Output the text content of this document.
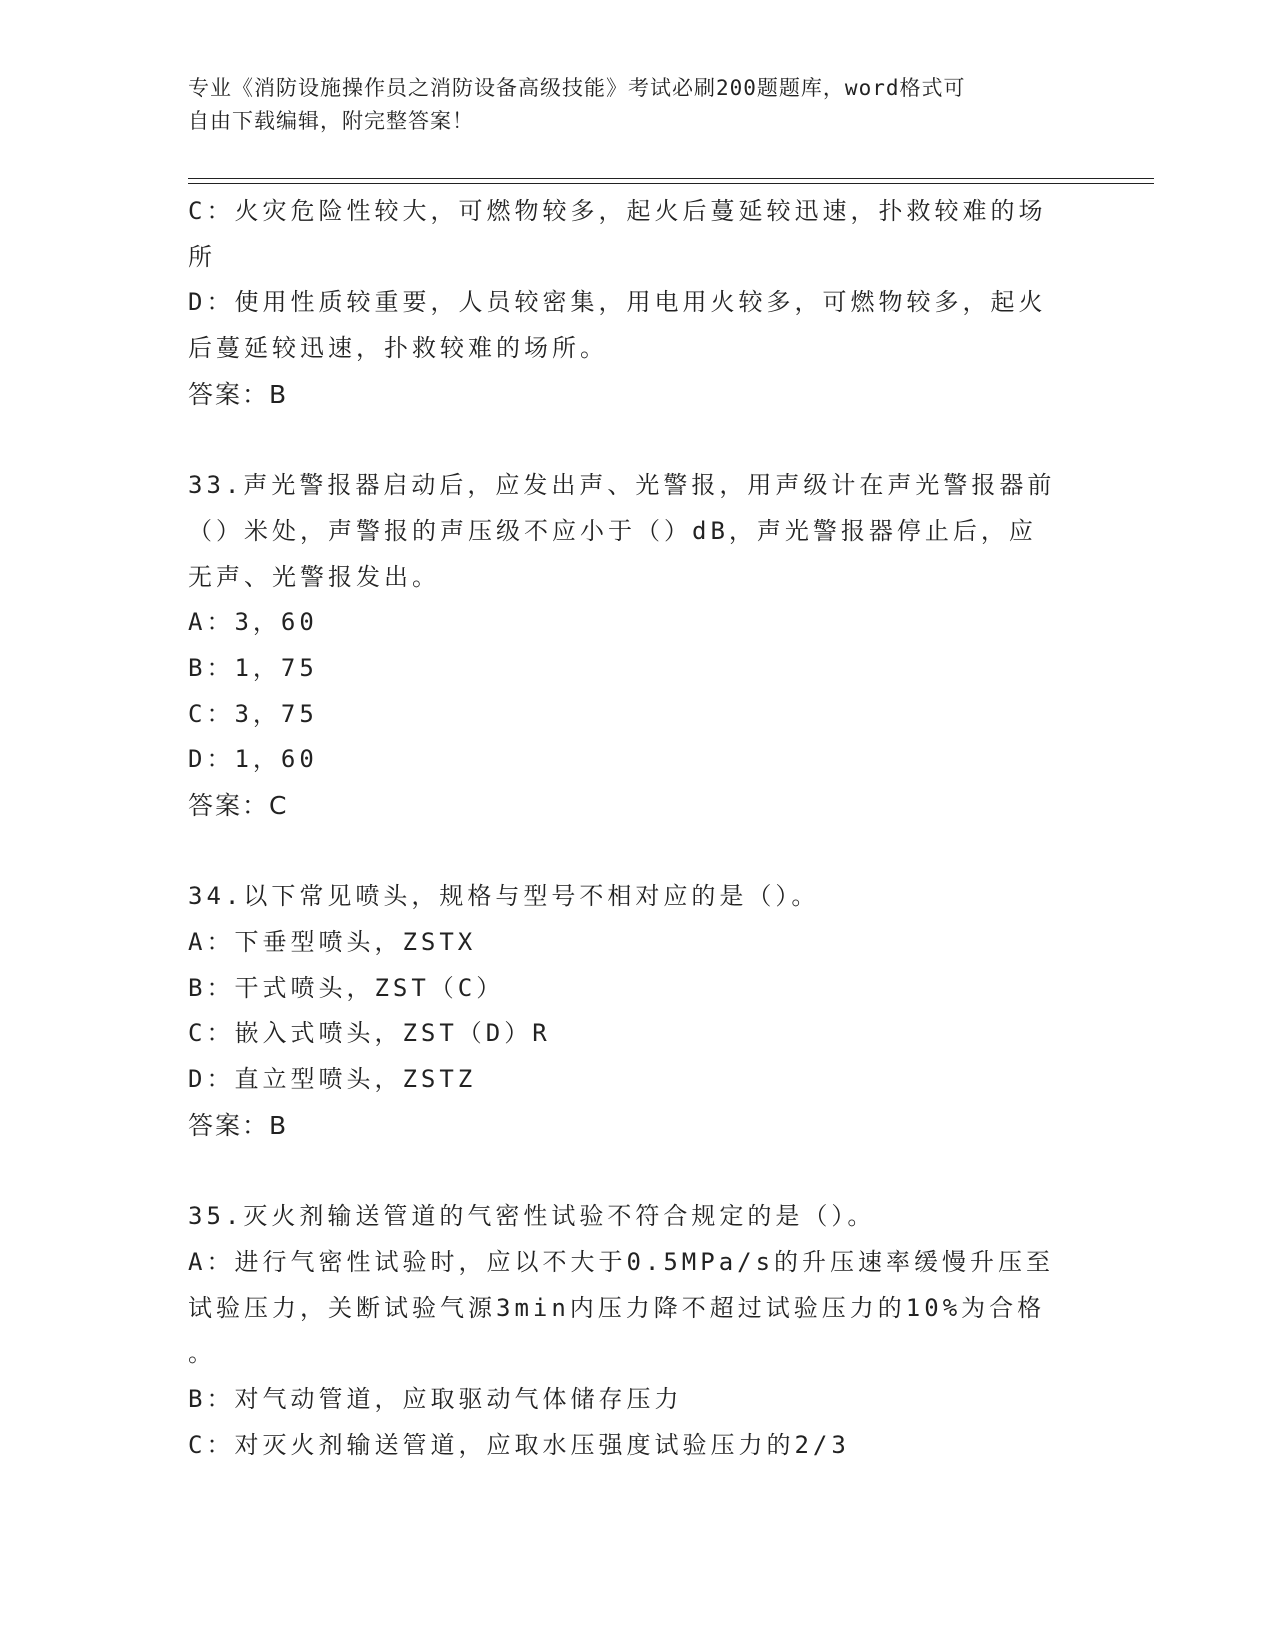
专业《消防设施操作员之消防设备高级技能》考试必刷200题题库，word格式可
自由下载编辑，附完整答案！
C：火灾危险性较大，可燃物较多，起火后蔓延较迅速，扑救较难的场
所
D：使用性质较重要，人员较密集，用电用火较多，可燃物较多，起火
后蔓延较迅速，扑救较难的场所。
答案：B
33.声光警报器启动后，应发出声、光警报，用声级计在声光警报器前
（）米处，声警报的声压级不应小于（）dB，声光警报器停止后，应
无声、光警报发出。
A：3，60
B：1，75
C：3，75
D：1，60
答案：C
34.以下常见喷头，规格与型号不相对应的是（）。
A：下垂型喷头，ZSTX
B：干式喷头，ZST（C）
C：嵌入式喷头，ZST（D）R
D：直立型喷头，ZSTZ
答案：B
35.灭火剂输送管道的气密性试验不符合规定的是（）。
A：进行气密性试验时，应以不大于0.5MPa/s的升压速率缓慢升压至
试验压力，关断试验气源3min内压力降不超过试验压力的10%为合格
。
B：对气动管道，应取驱动气体储存压力
C：对灭火剂输送管道，应取水压强度试验压力的2/3
